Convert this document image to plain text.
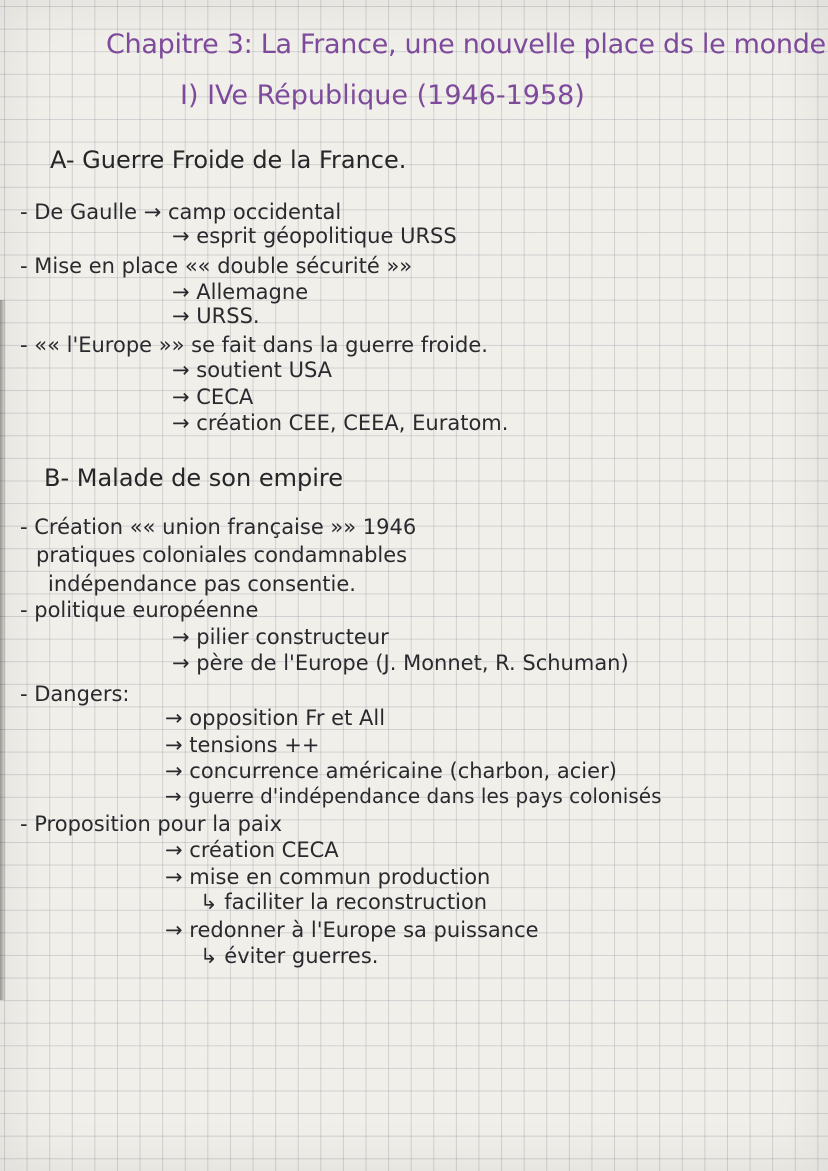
Chapitre 3: La France, une nouvelle place ds le monde
I) IVe République (1946-1958)
A- Guerre Froide de la France.
- De Gaulle → camp occidental
→ esprit géopolitique URSS
- Mise en place «« double sécurité »»
→ Allemagne
→ URSS.
- «« l'Europe »» se fait dans la guerre froide.
→ soutient USA
→ CECA
→ création CEE, CEEA, Euratom.
B- Malade de son empire
- Création «« union française »» 1946
pratiques coloniales condamnables
indépendance pas consentie.
- politique européenne
→ pilier constructeur
→ père de l'Europe (J. Monnet, R. Schuman)
- Dangers:
→ opposition Fr et All
→ tensions ++
→ concurrence américaine (charbon, acier)
→ guerre d'indépendance dans les pays colonisés
- Proposition pour la paix
→ création CECA
→ mise en commun production
↳ faciliter la reconstruction
→ redonner à l'Europe sa puissance
↳ éviter guerres.
